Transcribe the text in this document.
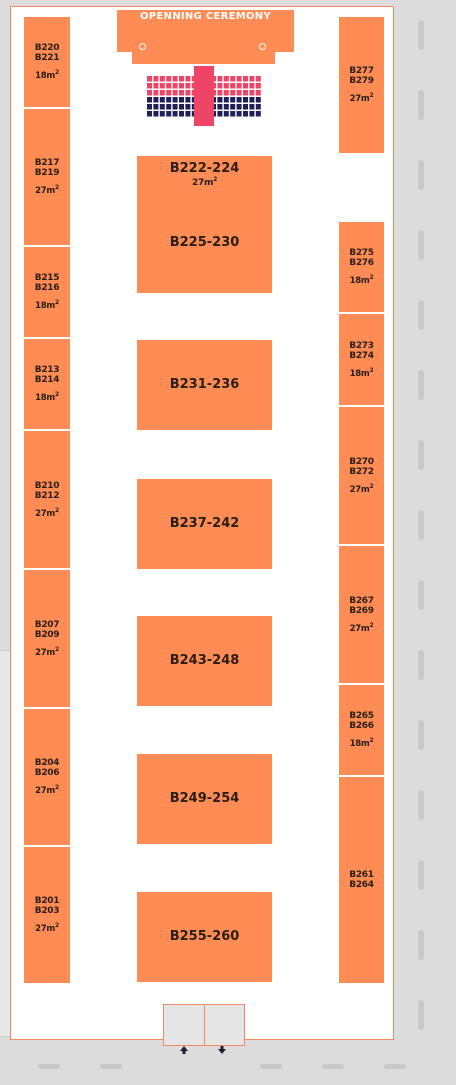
OPENNING CEREMONY
B220
B221
$18m^2$
B217
B219
$27m^2$
B215
B216
$18m^2$
B213
B214
$18m^2$
B210
B212
$27m^2$
B207
B209
$27m^2$
B204
B206
$27m^2$
B201
B203
$27m^2$
B277
B279
$27m^2$
B275
B276
$18m^2$
B273
B274
$18m^2$
B270
B272
$27m^2$
B267
B269
$27m^2$
B265
B266
$18m^2$
B261
B264
B222-224
$27m^2$
B225-230
B231-236
B237-242
B243-248
B249-254
B255-260
